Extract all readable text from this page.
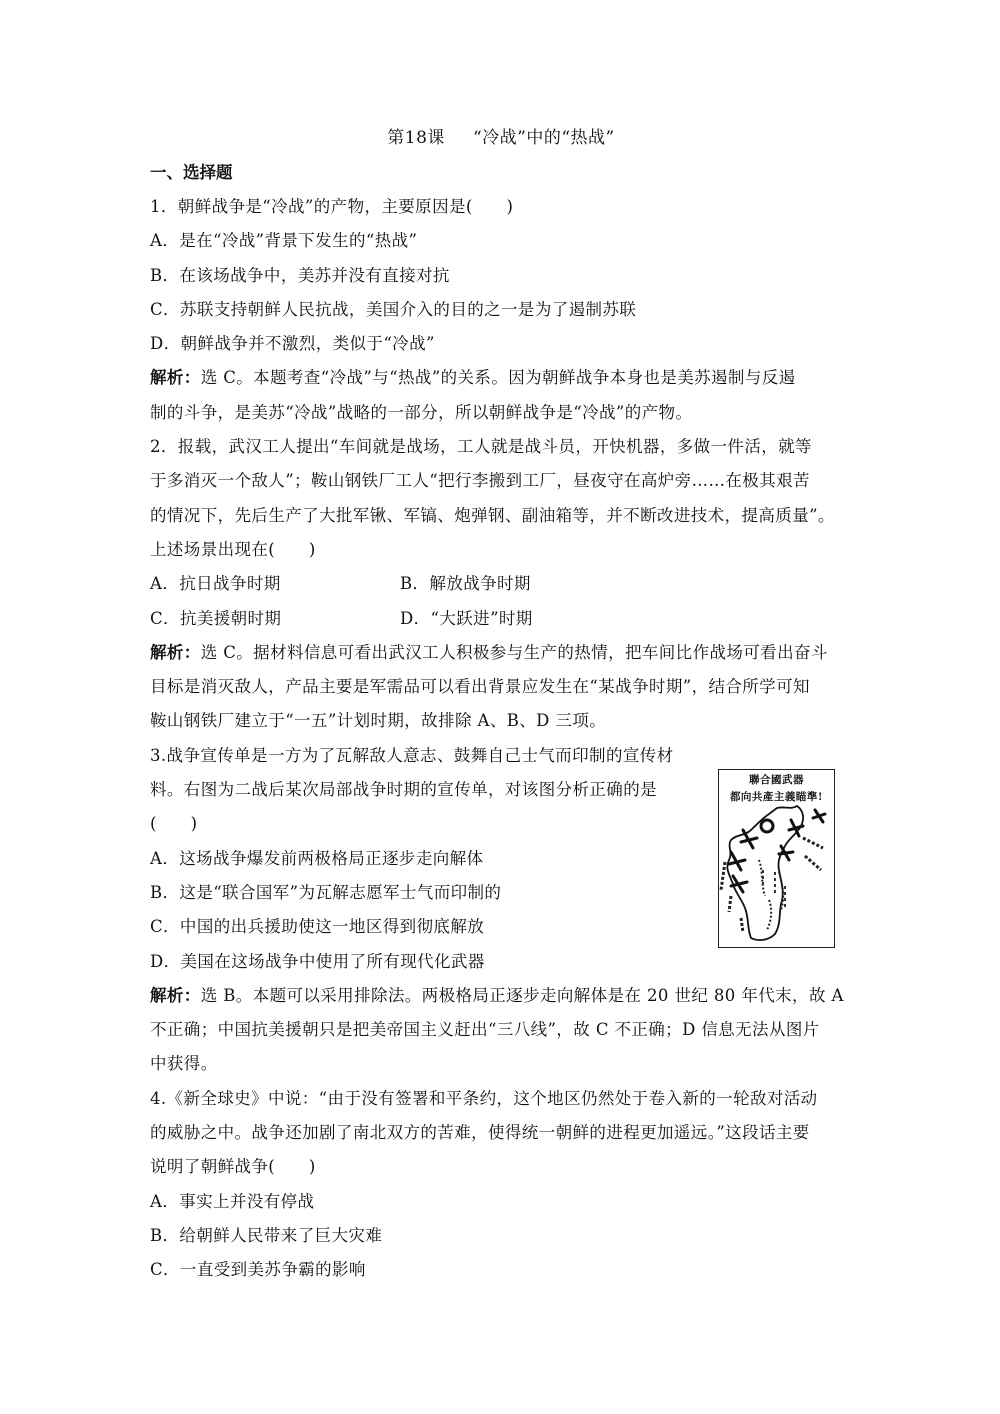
第18课 “冷战”中的“热战”
一、选择题
1．朝鲜战争是“冷战”的产物，主要原因是(　　)
A．是在“冷战”背景下发生的“热战”
B．在该场战争中，美苏并没有直接对抗
C．苏联支持朝鲜人民抗战，美国介入的目的之一是为了遏制苏联
D．朝鲜战争并不激烈，类似于“冷战”
解析：选 C。本题考查“冷战”与“热战”的关系。因为朝鲜战争本身也是美苏遏制与反遏
制的斗争，是美苏“冷战”战略的一部分，所以朝鲜战争是“冷战”的产物。
2．报载，武汉工人提出“车间就是战场，工人就是战斗员，开快机器，多做一件活，就等
于多消灭一个敌人”；鞍山钢铁厂工人“把行李搬到工厂，昼夜守在高炉旁……在极其艰苦
的情况下，先后生产了大批军锹、军镐、炮弹钢、副油箱等，并不断改进技术，提高质量”。
上述场景出现在(　　)
A．抗日战争时期	B．解放战争时期
C．抗美援朝时期	D．“大跃进”时期
解析：选 C。据材料信息可看出武汉工人积极参与生产的热情，把车间比作战场可看出奋斗
目标是消灭敌人，产品主要是军需品可以看出背景应发生在“某战争时期”，结合所学可知
鞍山钢铁厂建立于“一五”计划时期，故排除 A、B、D 三项。
3.战争宣传单是一方为了瓦解敌人意志、鼓舞自己士气而印制的宣传材
料。右图为二战后某次局部战争时期的宣传单，对该图分析正确的是
(　　)
A．这场战争爆发前两极格局正逐步走向解体
B．这是“联合国军”为瓦解志愿军士气而印制的
C．中国的出兵援助使这一地区得到彻底解放
D．美国在这场战争中使用了所有现代化武器
聯合國武器
都向共產主義瞄準!
解析：选 B。本题可以采用排除法。两极格局正逐步走向解体是在 20 世纪 80 年代末，故 A
不正确；中国抗美援朝只是把美帝国主义赶出“三八线”，故 C 不正确；D 信息无法从图片
中获得。
4.《新全球史》中说：“由于没有签署和平条约，这个地区仍然处于卷入新的一轮敌对活动
的威胁之中。战争还加剧了南北双方的苦难，使得统一朝鲜的进程更加遥远。”这段话主要
说明了朝鲜战争(　　)
A．事实上并没有停战
B．给朝鲜人民带来了巨大灾难
C．一直受到美苏争霸的影响
